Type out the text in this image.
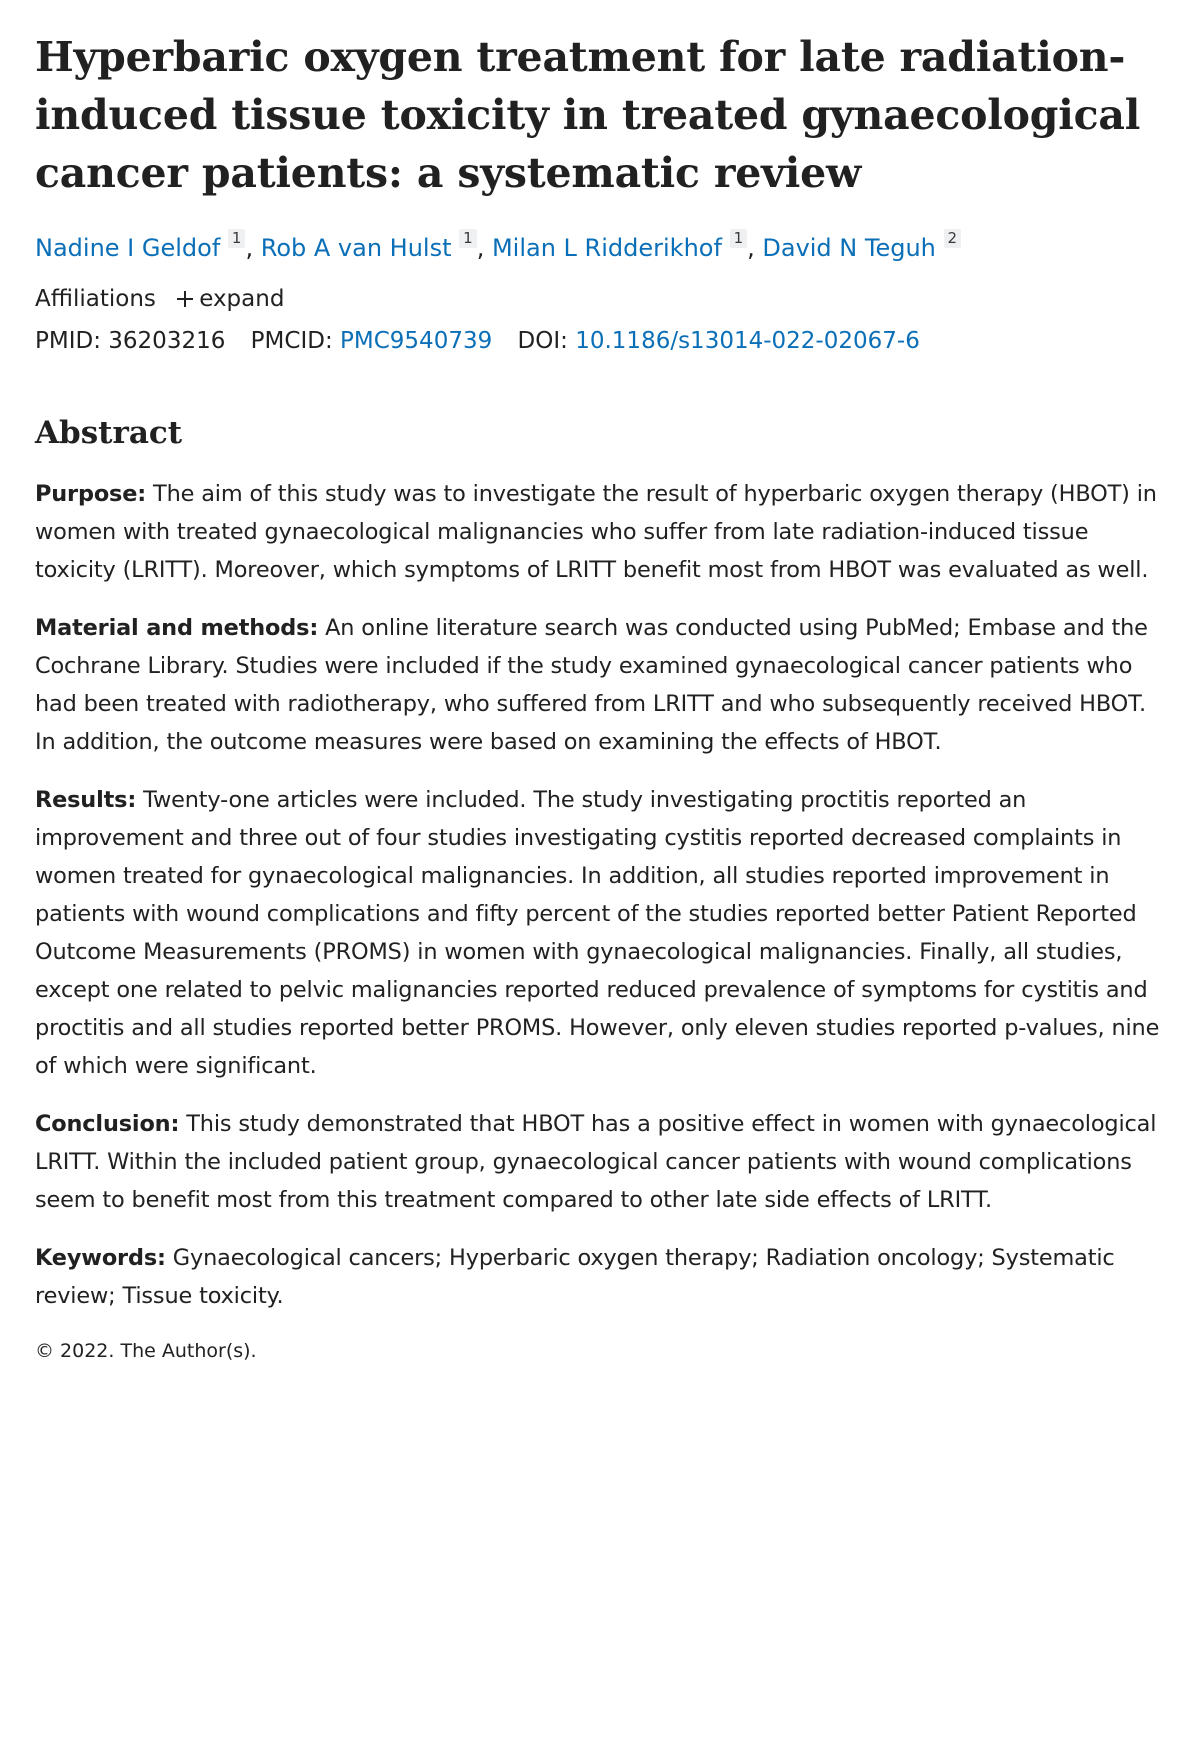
Hyperbaric oxygen treatment for late radiation-induced tissue toxicity in treated gynaecological cancer patients: a systematic review
Nadine I Geldof 1 , Rob A van Hulst 1 , Milan L Ridderikhof 1 , David N Teguh 2
Affiliations expand
PMID: 36203216 PMCID: PMC9540739 DOI: 10.1186/s13014-022-02067-6
Abstract

Purpose: The aim of this study was to investigate the result of hyperbaric oxygen therapy (HBOT) in women with treated gynaecological malignancies who suffer from late radiation-induced tissue toxicity (LRITT). Moreover, which symptoms of LRITT benefit most from HBOT was evaluated as well.

Material and methods: An online literature search was conducted using PubMed; Embase and the Cochrane Library. Studies were included if the study examined gynaecological cancer patients who had been treated with radiotherapy, who suffered from LRITT and who subsequently received HBOT. In addition, the outcome measures were based on examining the effects of HBOT.

Results: Twenty-one articles were included. The study investigating proctitis reported an improvement and three out of four studies investigating cystitis reported decreased complaints in women treated for gynaecological malignancies. In addition, all studies reported improvement in patients with wound complications and fifty percent of the studies reported better Patient Reported Outcome Measurements (PROMS) in women with gynaecological malignancies. Finally, all studies, except one related to pelvic malignancies reported reduced prevalence of symptoms for cystitis and proctitis and all studies reported better PROMS. However, only eleven studies reported p-values, nine of which were significant.

Conclusion: This study demonstrated that HBOT has a positive effect in women with gynaecological LRITT. Within the included patient group, gynaecological cancer patients with wound complications seem to benefit most from this treatment compared to other late side effects of LRITT.

Keywords: Gynaecological cancers; Hyperbaric oxygen therapy; Radiation oncology; Systematic review; Tissue toxicity.

© 2022. The Author(s).
